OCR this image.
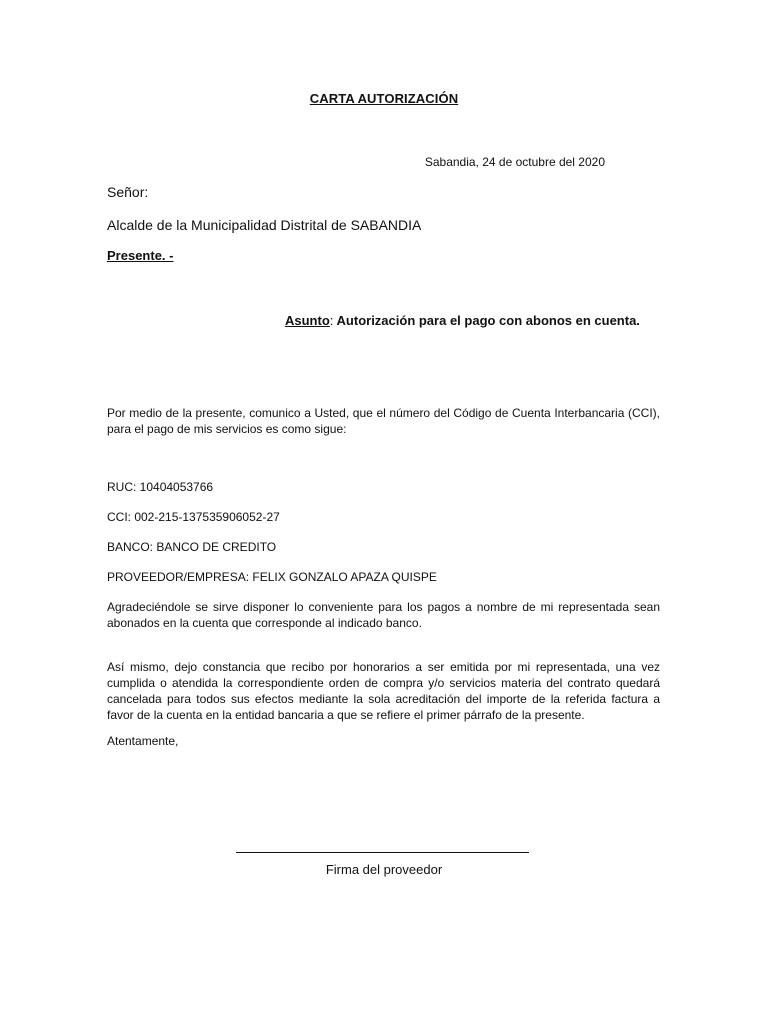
CARTA AUTORIZACIÓN
Sabandia, 24 de octubre del 2020
Señor:
Alcalde de la Municipalidad Distrital de SABANDIA
Presente. -
Asunto: Autorización para el pago con abonos en cuenta.
Por medio de la presente, comunico a Usted, que el número del Código de Cuenta Interbancaria (CCI), para el pago de mis servicios es como sigue:
RUC: 10404053766
CCI: 002-215-137535906052-27
BANCO: BANCO DE CREDITO
PROVEEDOR/EMPRESA: FELIX GONZALO APAZA QUISPE
Agradeciéndole se sirve disponer lo conveniente para los pagos a nombre de mi representada sean abonados en la cuenta que corresponde al indicado banco.
Así mismo, dejo constancia que recibo por honorarios a ser emitida por mi representada, una vez cumplida o atendida la correspondiente orden de compra y/o servicios materia del contrato quedará cancelada para todos sus efectos mediante la sola acreditación del importe de la referida factura a favor de la cuenta en la entidad bancaria a que se refiere el primer párrafo de la presente.
Atentamente,
Firma del proveedor
